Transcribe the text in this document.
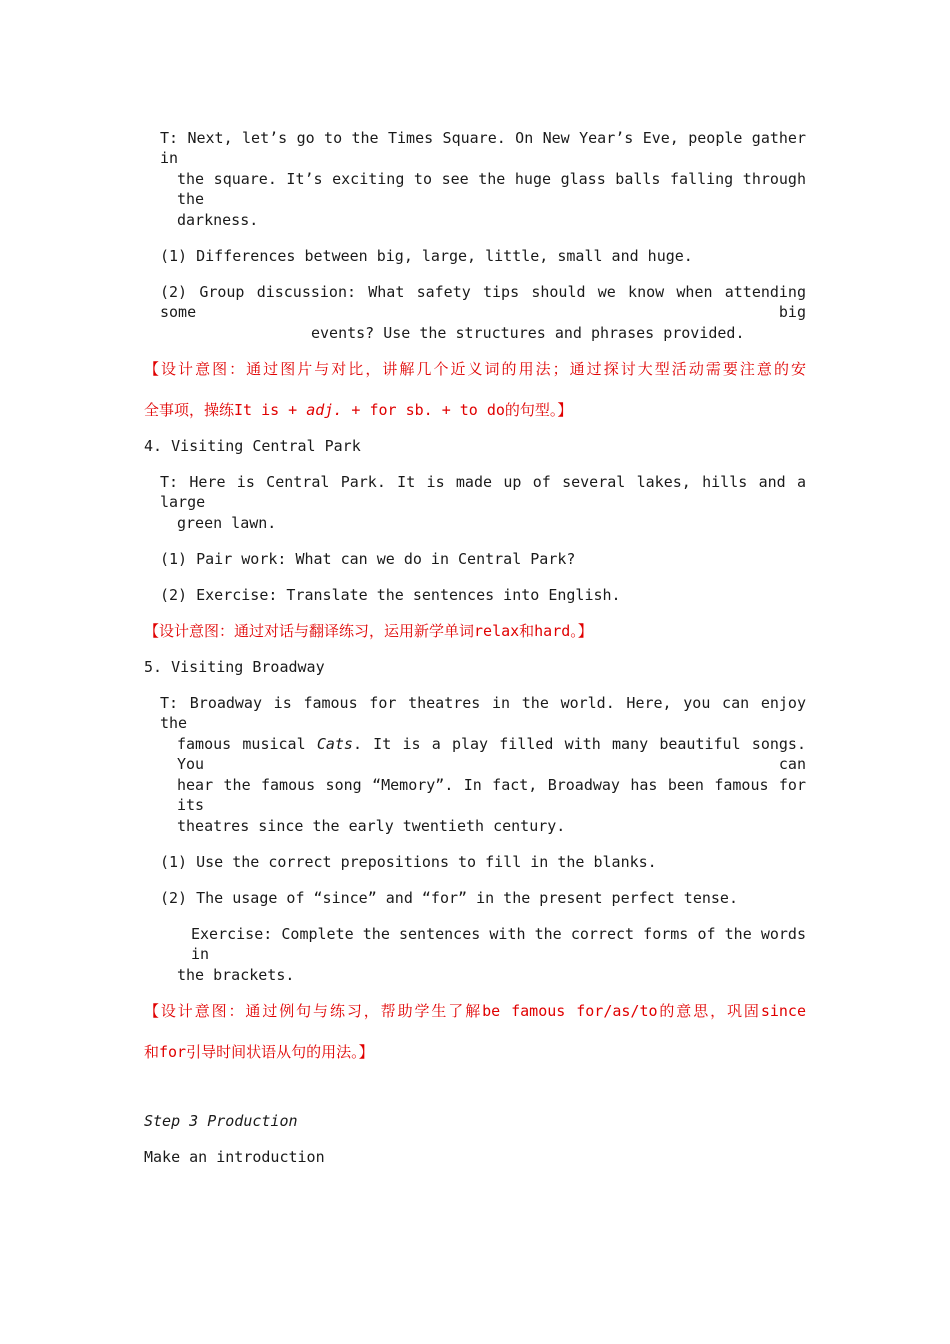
T: Next, let’s go to the Times Square. On New Year’s Eve, people gather in
the square. It’s exciting to see the huge glass balls falling through the
darkness.
(1) Differences between big, large, little, small and huge.
(2) Group discussion: What safety tips should we know when attending some big
events? Use the structures and phrases provided.
【设计意图：通过图片与对比，讲解几个近义词的用法；通过探讨大型活动需要注意的安
全事项，操练It is + adj. + for sb. + to do的句型。】
4. Visiting Central Park
T: Here is Central Park. It is made up of several lakes, hills and a large
green lawn.
(1) Pair work: What can we do in Central Park?
(2) Exercise: Translate the sentences into English.
【设计意图：通过对话与翻译练习，运用新学单词relax和hard。】
5. Visiting Broadway
T: Broadway is famous for theatres in the world. Here, you can enjoy the
famous musical Cats. It is a play filled with many beautiful songs. You can
hear the famous song “Memory”. In fact, Broadway has been famous for its
theatres since the early twentieth century.
(1) Use the correct prepositions to fill in the blanks.
(2) The usage of “since” and “for” in the present perfect tense.
Exercise: Complete the sentences with the correct forms of the words in
the brackets.
【设计意图：通过例句与练习，帮助学生了解be famous for/as/to的意思，巩固since
和for引导时间状语从句的用法。】
Step 3 Production
Make an introduction
